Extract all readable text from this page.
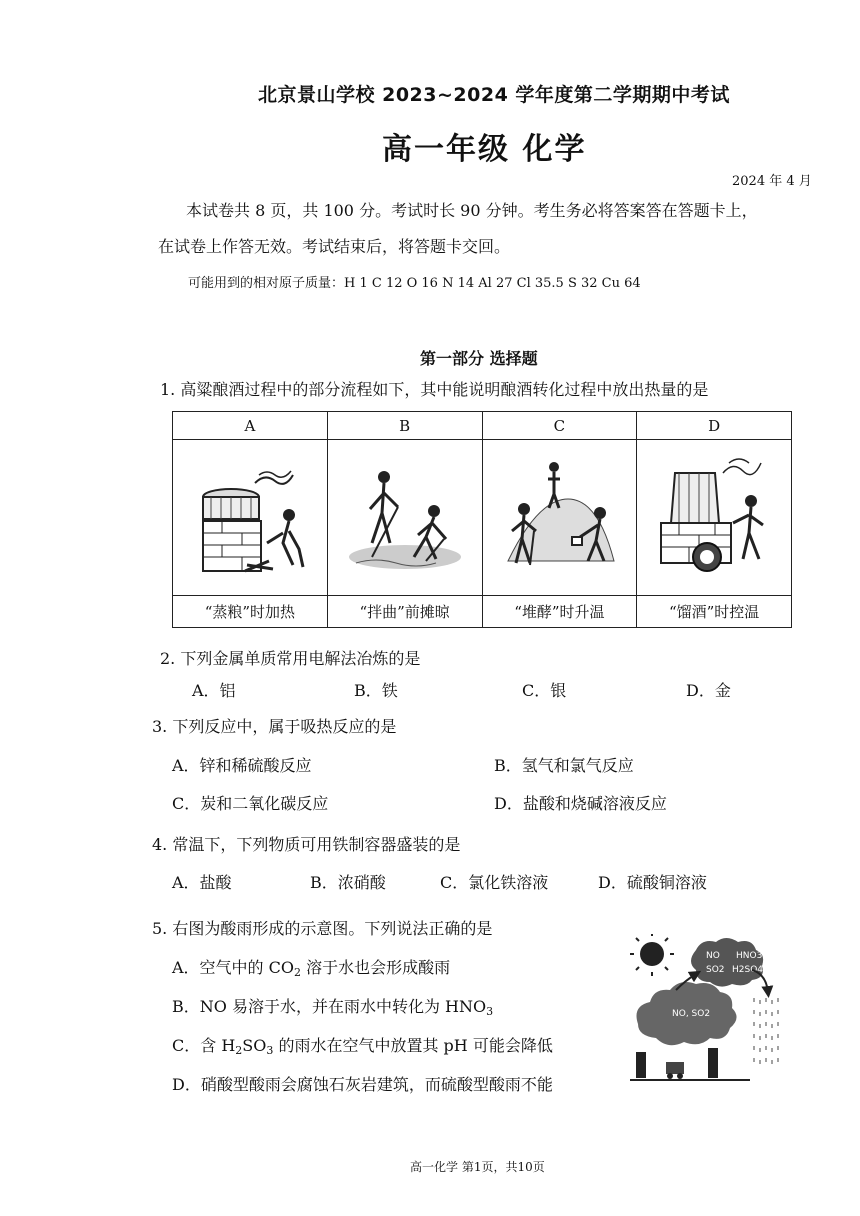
北京景山学校 2023~2024 学年度第二学期期中考试
高一年级 化学
2024 年 4 月
本试卷共 8 页，共 100 分。考试时长 90 分钟。考生务必将答案答在答题卡上，
在试卷上作答无效。考试结束后，将答题卡交回。
可能用到的相对原子质量：H 1 C 12 O 16 N 14 Al 27 Cl 35.5 S 32 Cu 64
第一部分 选择题
1. 高粱酿酒过程中的部分流程如下，其中能说明酿酒转化过程中放出热量的是
A	B	C	D

“蒸粮”时加热	“拌曲”前摊晾	“堆酵”时升温	“馏酒”时控温
2. 下列金属单质常用电解法冶炼的是
A．铝	B．铁	C．银	D．金
3. 下列反应中，属于吸热反应的是
A．锌和稀硫酸反应	B．氢气和氯气反应
C．炭和二氧化碳反应	D．盐酸和烧碱溶液反应
4. 常温下，下列物质可用铁制容器盛装的是
A．盐酸	B．浓硝酸	C．氯化铁溶液	D．硫酸铜溶液
5. 右图为酸雨形成的示意图。下列说法正确的是
A．空气中的 $CO_2$ 溶于水也会形成酸雨
B．NO 易溶于水，并在雨水中转化为 $HNO_3$
C．含 $H_2SO_3$ 的雨水在空气中放置其 pH 可能会降低
D．硝酸型酸雨会腐蚀石灰岩建筑，而硫酸型酸雨不能
NO HNO3
SO2 H2SO4
NO, SO2
高一化学 第1页，共10页
